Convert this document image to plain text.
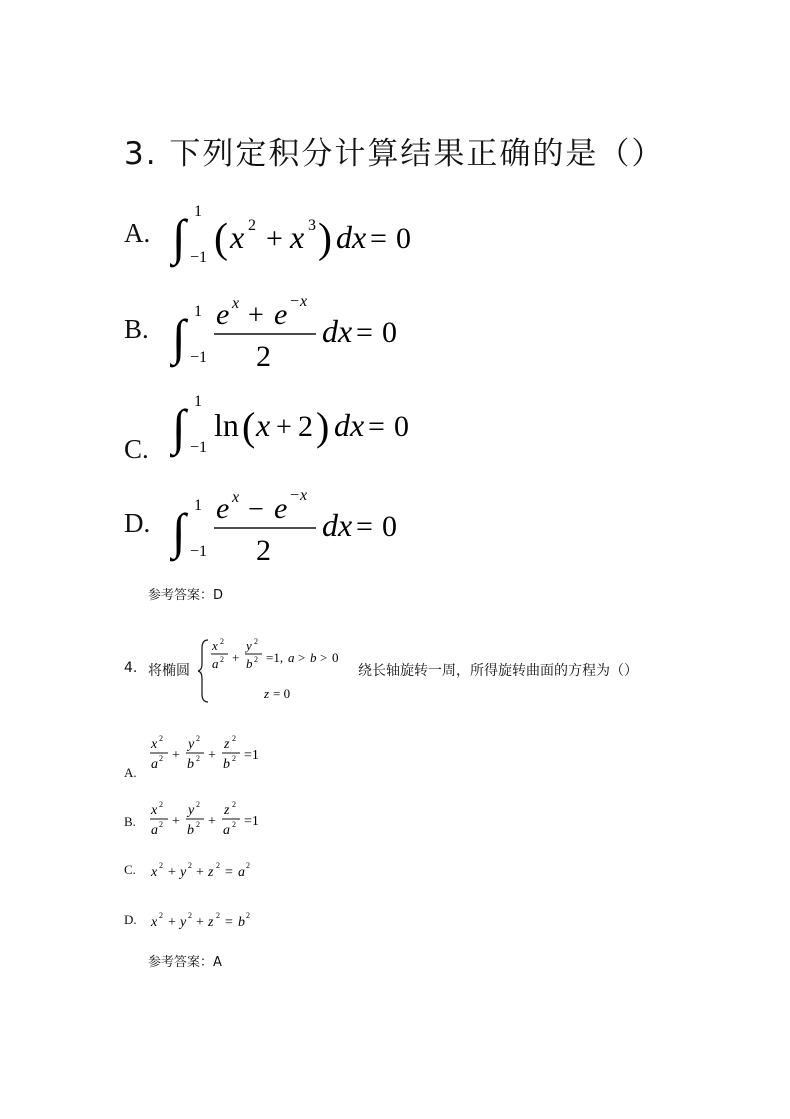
3. 下列定积分计算结果正确的是（）
A. ∫ 1
−1 ( x 2 + x 3 ) dx = 0
B. ∫ 1
−1
e x + e − x
2
dx = 0
C. ∫ 1
−1
ln ( x + 2 ) dx = 0
D. ∫ 1
−1
e x − e − x
2
dx = 0
参考答案：D
4. 将椭圆
x 2
a 2 +
y 2
b 2 =1, a > b > 0
z = 0
绕长轴旋转一周，所得旋转曲面的方程为（）
A.
x 2
a 2 +
y 2
b 2 +
z 2
b 2 =1
B.
x 2
a 2 +
y 2
b 2 +
z 2
a 2 =1
C. x 2 + y 2 + z 2 = a 2
D. x 2 + y 2 + z 2 = b 2
参考答案：A
